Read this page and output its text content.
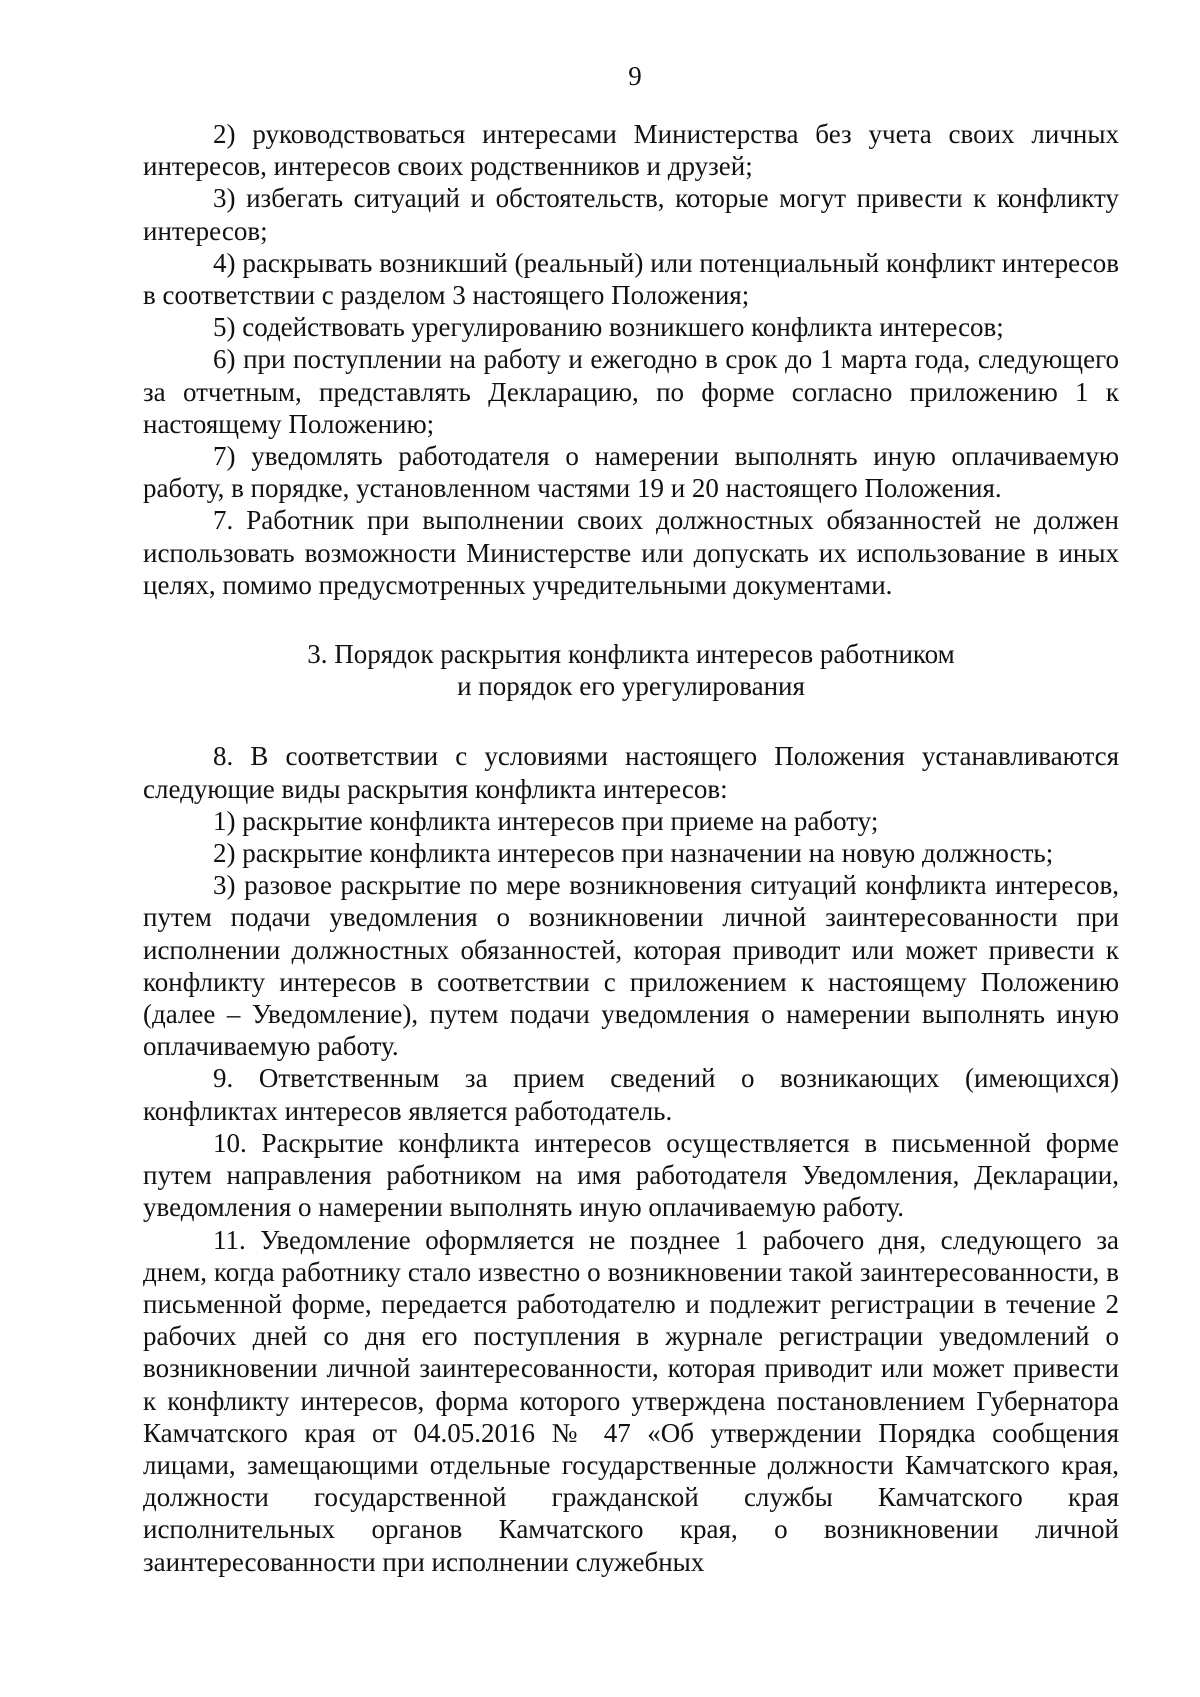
9

2) руководствоваться интересами Министерства без учета своих личных интересов, интересов своих родственников и друзей;

3) избегать ситуаций и обстоятельств, которые могут привести к конфликту интересов;

4) раскрывать возникший (реальный) или потенциальный конфликт интересов в соответствии с разделом 3 настоящего Положения;

5) содействовать урегулированию возникшего конфликта интересов;

6) при поступлении на работу и ежегодно в срок до 1 марта года, следующего за отчетным, представлять Декларацию, по форме согласно приложению 1 к настоящему Положению;

7) уведомлять работодателя о намерении выполнять иную оплачиваемую работу, в порядке, установленном частями 19 и 20 настоящего Положения.

7. Работник при выполнении своих должностных обязанностей не должен использовать возможности Министерстве или допускать их использование в иных целях, помимо предусмотренных учредительными документами.

3. Порядок раскрытия конфликта интересов работником

и порядок его урегулирования

8. В соответствии с условиями настоящего Положения устанавливаются следующие виды раскрытия конфликта интересов:

1) раскрытие конфликта интересов при приеме на работу;

2) раскрытие конфликта интересов при назначении на новую должность;

3) разовое раскрытие по мере возникновения ситуаций конфликта интересов, путем подачи уведомления о возникновении личной заинтересованности при исполнении должностных обязанностей, которая приводит или может привести к конфликту интересов в соответствии с приложением к настоящему Положению (далее – Уведомление), путем подачи уведомления о намерении выполнять иную оплачиваемую работу.

9. Ответственным за прием сведений о возникающих (имеющихся) конфликтах интересов является работодатель.

10. Раскрытие конфликта интересов осуществляется в письменной форме путем направления работником на имя работодателя Уведомления, Декларации, уведомления о намерении выполнять иную оплачиваемую работу.

11. Уведомление оформляется не позднее 1 рабочего дня, следующего за днем, когда работнику стало известно о возникновении такой заинтересованности, в письменной форме, передается работодателю и подлежит регистрации в течение 2 рабочих дней со дня его поступления в журнале регистрации уведомлений о возникновении личной заинтересованности, которая приводит или может привести к конфликту интересов, форма которого утверждена постановлением Губернатора Камчатского края от 04.05.2016 № 47 «Об утверждении Порядка сообщения лицами, замещающими отдельные государственные должности Камчатского края, должности государственной гражданской службы Камчатского края исполнительных органов Камчатского края, о возникновении личной заинтересованности при исполнении служебных
